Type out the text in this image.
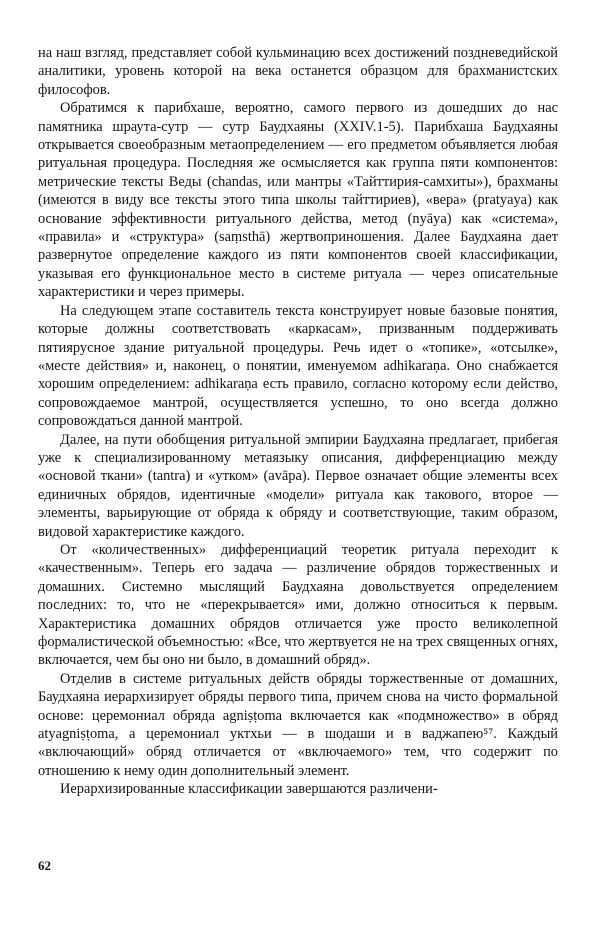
на наш взгляд, представляет собой кульминацию всех достижений поздневедийской аналитики, уровень которой на века останется образцом для брахманистских философов.

Обратимся к парибхаше, вероятно, самого первого из дошедших до нас памятника шраута-сутр — сутр Баудхаяны (XXIV.1-5). Парибхаша Баудхаяны открывается своеобразным метаопределением — его предметом объявляется любая ритуальная процедура. Последняя же осмысляется как группа пяти компонентов: метрические тексты Веды (chandas, или мантры «Тайттирия-самхиты»), брахманы (имеются в виду все тексты этого типа школы тайттириев), «вера» (pratyaya) как основание эффективности ритуального действа, метод (nyāya) как «система», «правила» и «структура» (saṃsthā) жертвоприношения. Далее Баудхаяна дает развернутое определение каждого из пяти компонентов своей классификации, указывая его функциональное место в системе ритуала — через описательные характеристики и через примеры.

На следующем этапе составитель текста конструирует новые базовые понятия, которые должны соответствовать «каркасам», призванным поддерживать пятиярусное здание ритуальной процедуры. Речь идет о «топике», «отсылке», «месте действия» и, наконец, о понятии, именуемом adhikaraṇa. Оно снабжается хорошим определением: adhikaraṇa есть правило, согласно которому если действо, сопровождаемое мантрой, осуществляется успешно, то оно всегда должно сопровождаться данной мантрой.

Далее, на пути обобщения ритуальной эмпирии Баудхаяна предлагает, прибегая уже к специализированному метаязыку описания, дифференциацию между «основой ткани» (tantra) и «утком» (avāpa). Первое означает общие элементы всех единичных обрядов, идентичные «модели» ритуала как такового, второе — элементы, варьирующие от обряда к обряду и соответствующие, таким образом, видовой характеристике каждого.

От «количественных» дифференциаций теоретик ритуала переходит к «качественным». Теперь его задача — различение обрядов торжественных и домашних. Системно мыслящий Баудхаяна довольствуется определением последних: то, что не «перекрывается» ими, должно относиться к первым. Характеристика домашних обрядов отличается уже просто великолепной формалистической объемностью: «Все, что жертвуется не на трех священных огнях, включается, чем бы оно ни было, в домашний обряд».

Отделив в системе ритуальных действ обряды торжественные от домашних, Баудхаяна иерархизирует обряды первого типа, причем снова на чисто формальной основе: церемониал обряда agniṣṭoma включается как «подмножество» в обряд atyagniṣṭoma, а церемониал уктхьи — в шодаши и в ваджапею⁵⁷. Каждый «включающий» обряд отличается от «включаемого» тем, что содержит по отношению к нему один дополнительный элемент.

Иерархизированные классификации завершаются различени-

62
